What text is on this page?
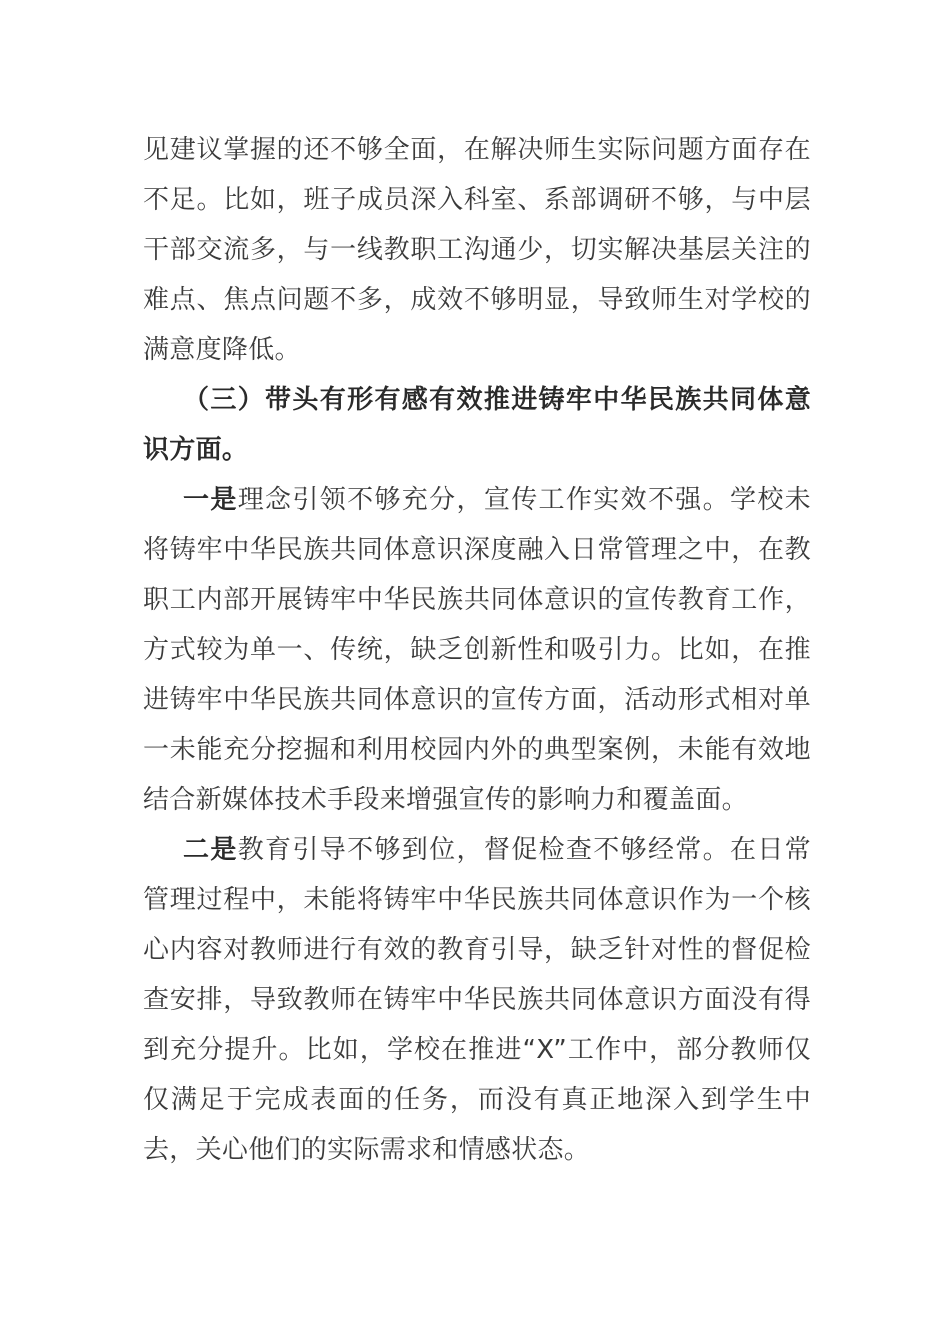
见建议掌握的还不够全面，在解决师生实际问题方面存在不足。比如，班子成员深入科室、系部调研不够，与中层干部交流多，与一线教职工沟通少，切实解决基层关注的难点、焦点问题不多，成效不够明显，导致师生对学校的满意度降低。

（三）带头有形有感有效推进铸牢中华民族共同体意识方面。

一是理念引领不够充分，宣传工作实效不强。学校未将铸牢中华民族共同体意识深度融入日常管理之中，在教职工内部开展铸牢中华民族共同体意识的宣传教育工作，方式较为单一、传统，缺乏创新性和吸引力。比如，在推进铸牢中华民族共同体意识的宣传方面，活动形式相对单一未能充分挖掘和利用校园内外的典型案例，未能有效地结合新媒体技术手段来增强宣传的影响力和覆盖面。

二是教育引导不够到位，督促检查不够经常。在日常管理过程中，未能将铸牢中华民族共同体意识作为一个核心内容对教师进行有效的教育引导，缺乏针对性的督促检查安排，导致教师在铸牢中华民族共同体意识方面没有得到充分提升。比如，学校在推进“X”工作中，部分教师仅仅满足于完成表面的任务，而没有真正地深入到学生中去，关心他们的实际需求和情感状态。
